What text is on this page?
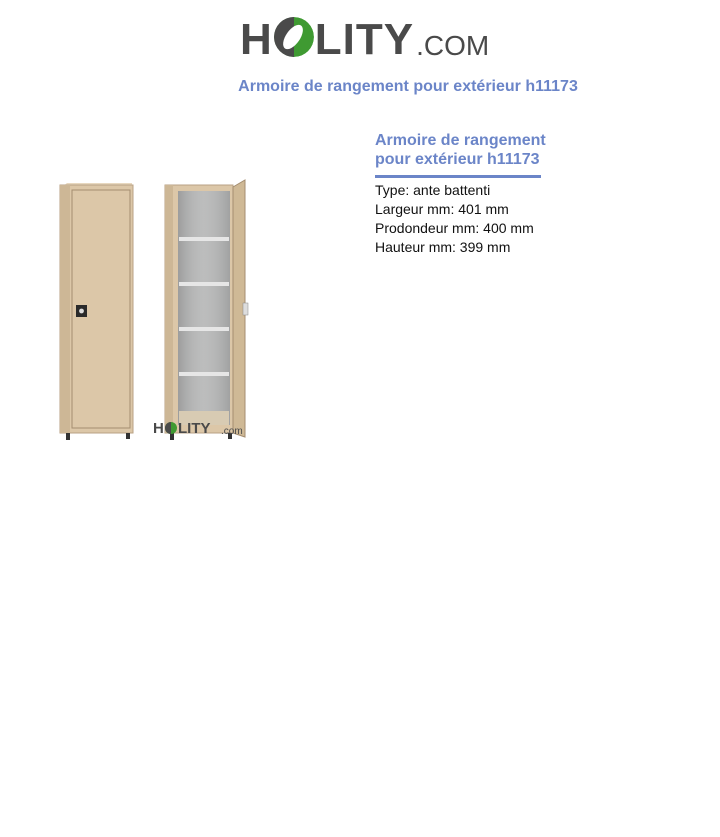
H LITY .COM
Armoire de rangement pour extérieur h11173
H LITY .com
Armoire de rangement
pour extérieur h11173
Type: ante battenti
Largeur mm: 401 mm
Prodondeur mm: 400 mm
Hauteur mm: 399 mm
